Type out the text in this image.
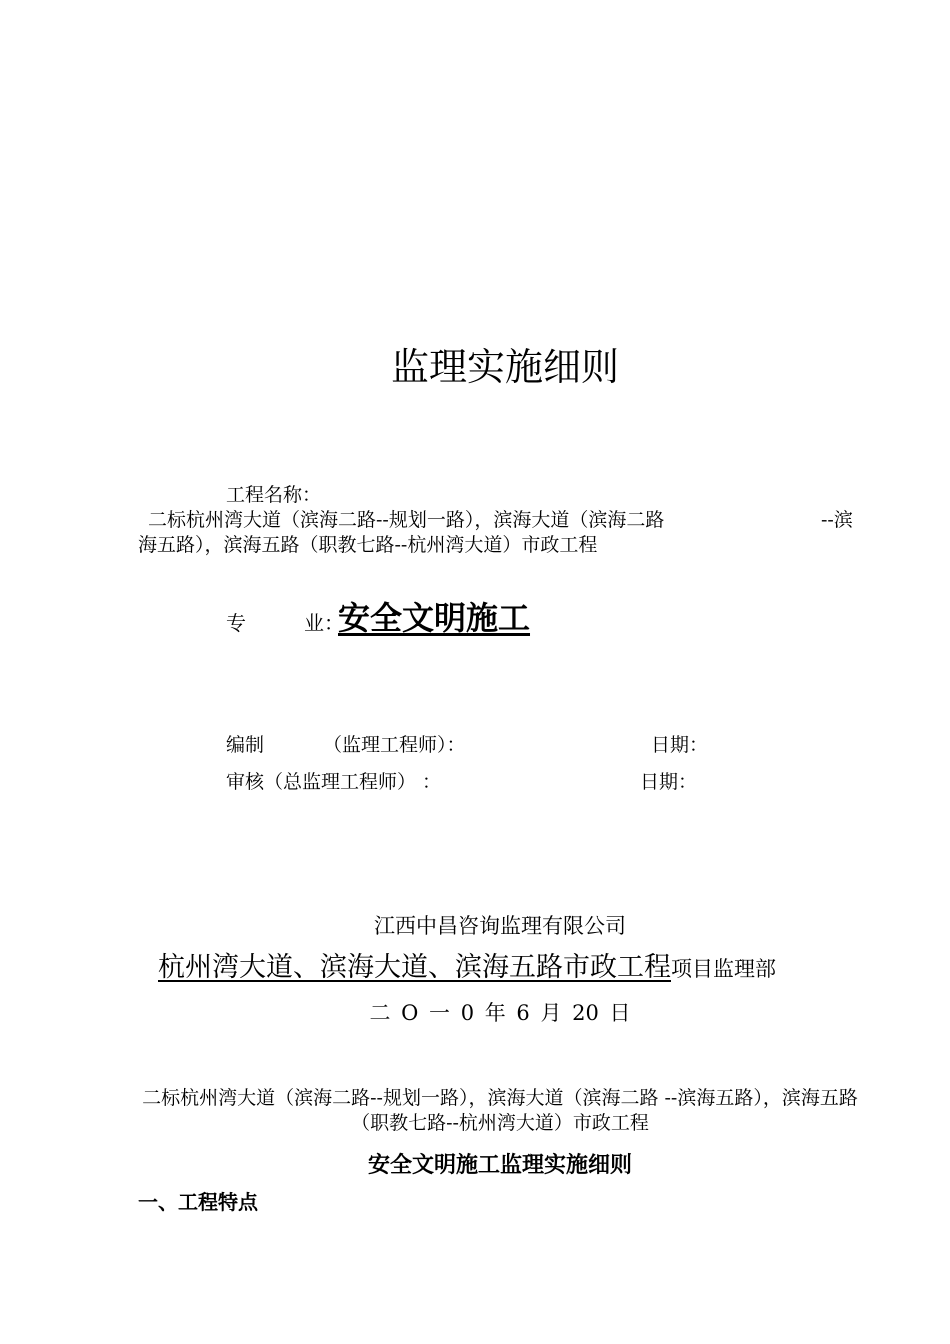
监理实施细则
工程名称：
二标杭州湾大道（滨海二路--规划一路），滨海大道（滨海二路	--滨
海五路），滨海五路（职教七路--杭州湾大道）市政工程
专	业：
安全文明施工
编制	（监理工程师）：	日期：
审核（总监理工程师） ：	日期：
江西中昌咨询监理有限公司
杭州湾大道、滨海大道、滨海五路市政工程项目监理部
二 O 一 0 年 6 月 20 日
二标杭州湾大道（滨海二路--规划一路），滨海大道（滨海二路 --滨海五路），滨海五路（职教七路--杭州湾大道）市政工程
安全文明施工监理实施细则
一、工程特点
